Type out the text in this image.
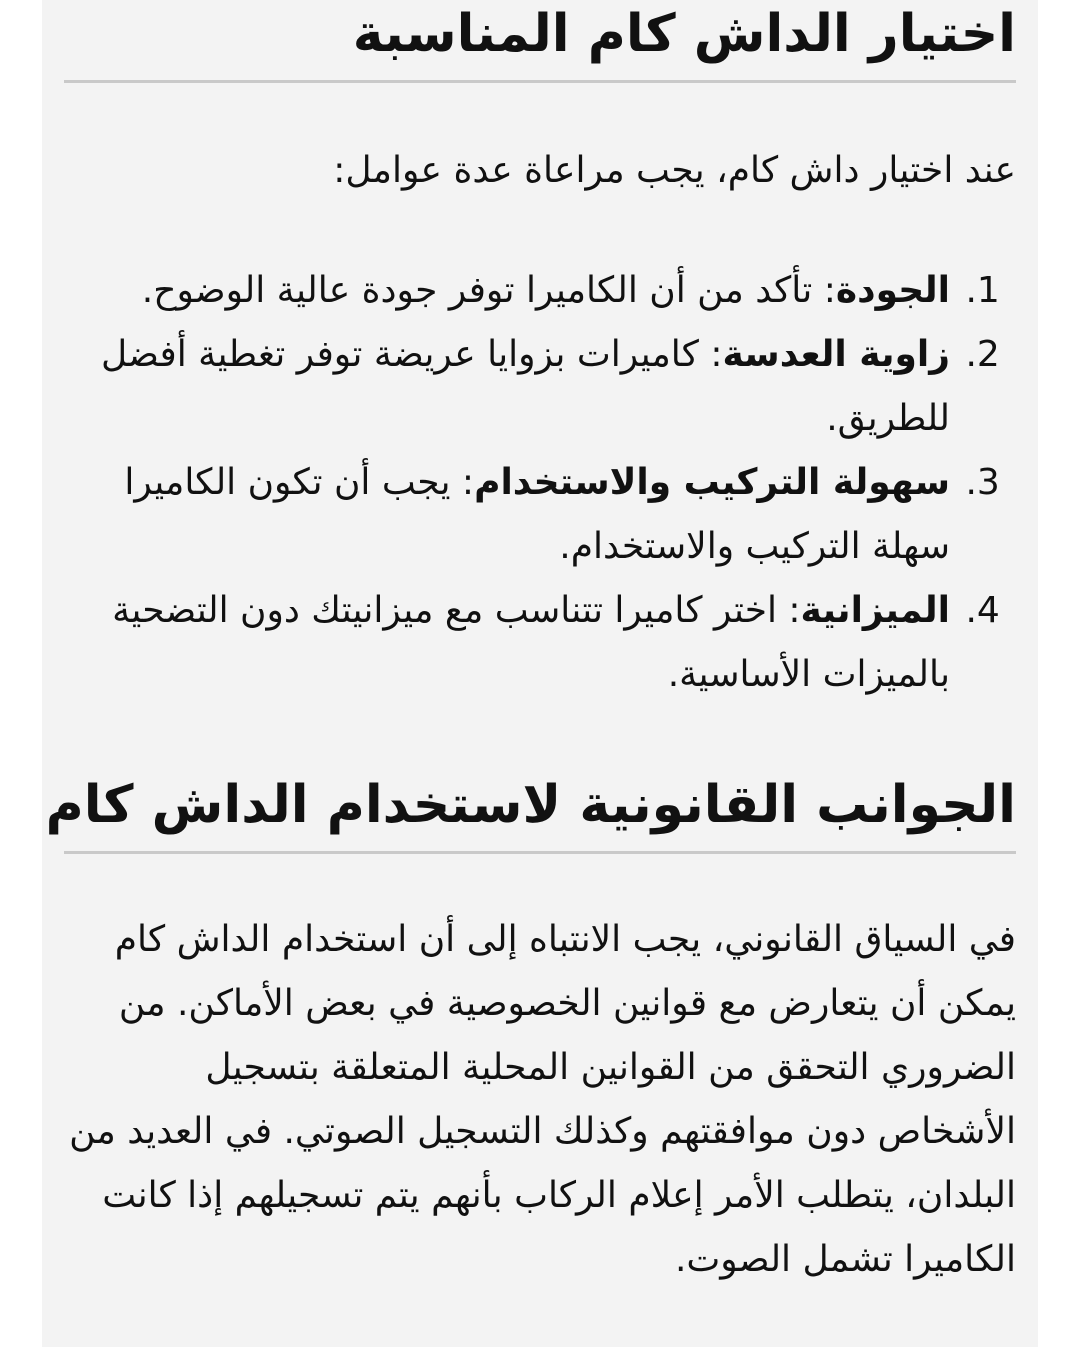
اختيار الداش كام المناسبة

عند اختيار داش كام، يجب مراعاة عدة عوامل:

1. الجودة: تأكد من أن الكاميرا توفر جودة عالية الوضوح.
2. زاوية العدسة: كاميرات بزوايا عريضة توفر تغطية أفضل للطريق.
3. سهولة التركيب والاستخدام: يجب أن تكون الكاميرا سهلة التركيب والاستخدام.
4. الميزانية: اختر كاميرا تتناسب مع ميزانيتك دون التضحية بالميزات الأساسية.
الجوانب القانونية لاستخدام الداش كام

في السياق القانوني، يجب الانتباه إلى أن استخدام الداش كام يمكن أن يتعارض مع قوانين الخصوصية في بعض الأماكن. من الضروري التحقق من القوانين المحلية المتعلقة بتسجيل الأشخاص دون موافقتهم وكذلك التسجيل الصوتي. في العديد من البلدان، يتطلب الأمر إعلام الركاب بأنهم يتم تسجيلهم إذا كانت الكاميرا تشمل الصوت.
